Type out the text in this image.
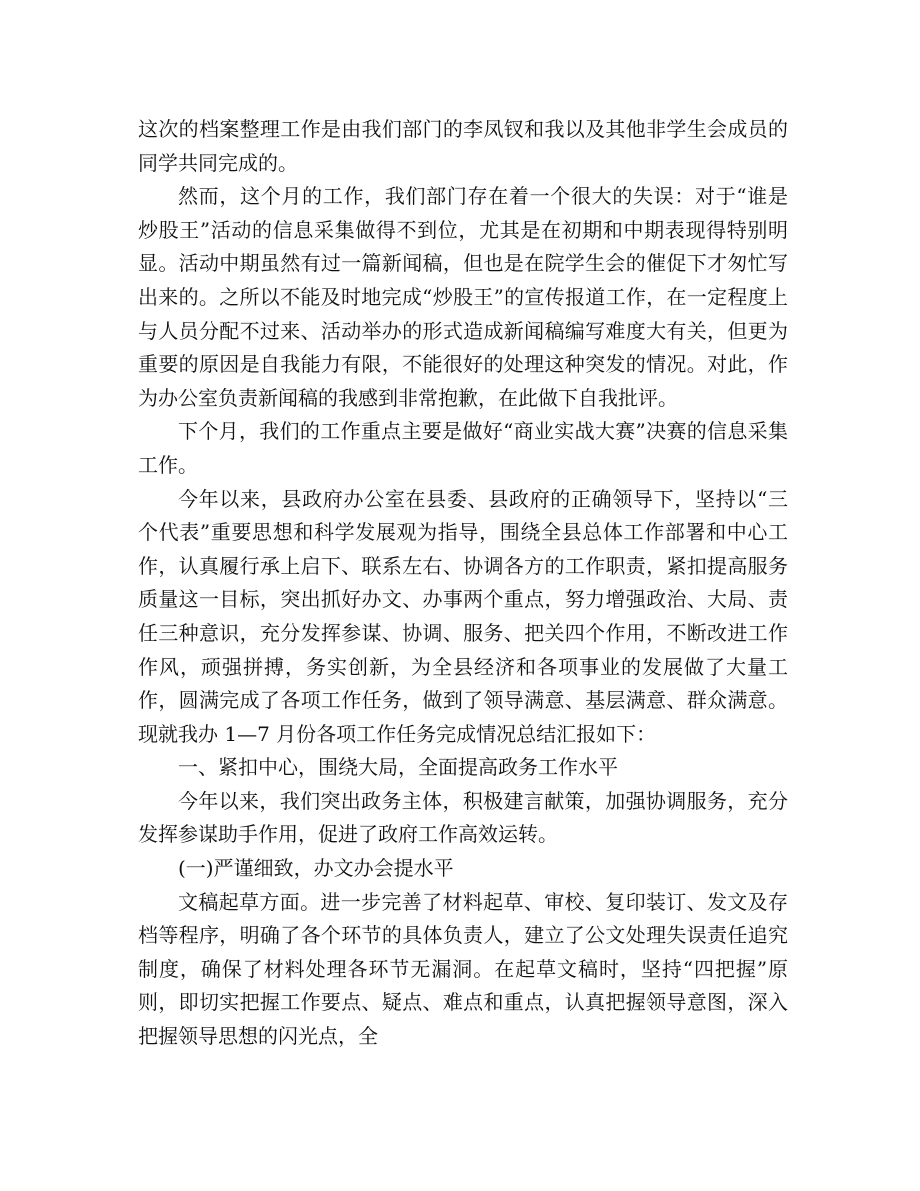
这次的档案整理工作是由我们部门的李凤钗和我以及其他非学生会成员的同学共同完成的。

然而，这个月的工作，我们部门存在着一个很大的失误：对于“谁是炒股王”活动的信息采集做得不到位，尤其是在初期和中期表现得特别明显。活动中期虽然有过一篇新闻稿，但也是在院学生会的催促下才匆忙写出来的。之所以不能及时地完成“炒股王”的宣传报道工作，在一定程度上与人员分配不过来、活动举办的形式造成新闻稿编写难度大有关，但更为重要的原因是自我能力有限，不能很好的处理这种突发的情况。对此，作为办公室负责新闻稿的我感到非常抱歉，在此做下自我批评。

下个月，我们的工作重点主要是做好“商业实战大赛”决赛的信息采集工作。

今年以来，县政府办公室在县委、县政府的正确领导下，坚持以“三个代表”重要思想和科学发展观为指导，围绕全县总体工作部署和中心工作，认真履行承上启下、联系左右、协调各方的工作职责，紧扣提高服务质量这一目标，突出抓好办文、办事两个重点，努力增强政治、大局、责任三种意识，充分发挥参谋、协调、服务、把关四个作用，不断改进工作作风，顽强拼搏，务实创新，为全县经济和各项事业的发展做了大量工作，圆满完成了各项工作任务，做到了领导满意、基层满意、群众满意。现就我办 1—7 月份各项工作任务完成情况总结汇报如下：

一、紧扣中心，围绕大局，全面提高政务工作水平

今年以来，我们突出政务主体，积极建言献策，加强协调服务，充分发挥参谋助手作用，促进了政府工作高效运转。

(一)严谨细致，办文办会提水平

文稿起草方面。进一步完善了材料起草、审校、复印装订、发文及存档等程序，明确了各个环节的具体负责人，建立了公文处理失误责任追究制度，确保了材料处理各环节无漏洞。在起草文稿时，坚持“四把握”原则，即切实把握工作要点、疑点、难点和重点，认真把握领导意图，深入把握领导思想的闪光点，全
